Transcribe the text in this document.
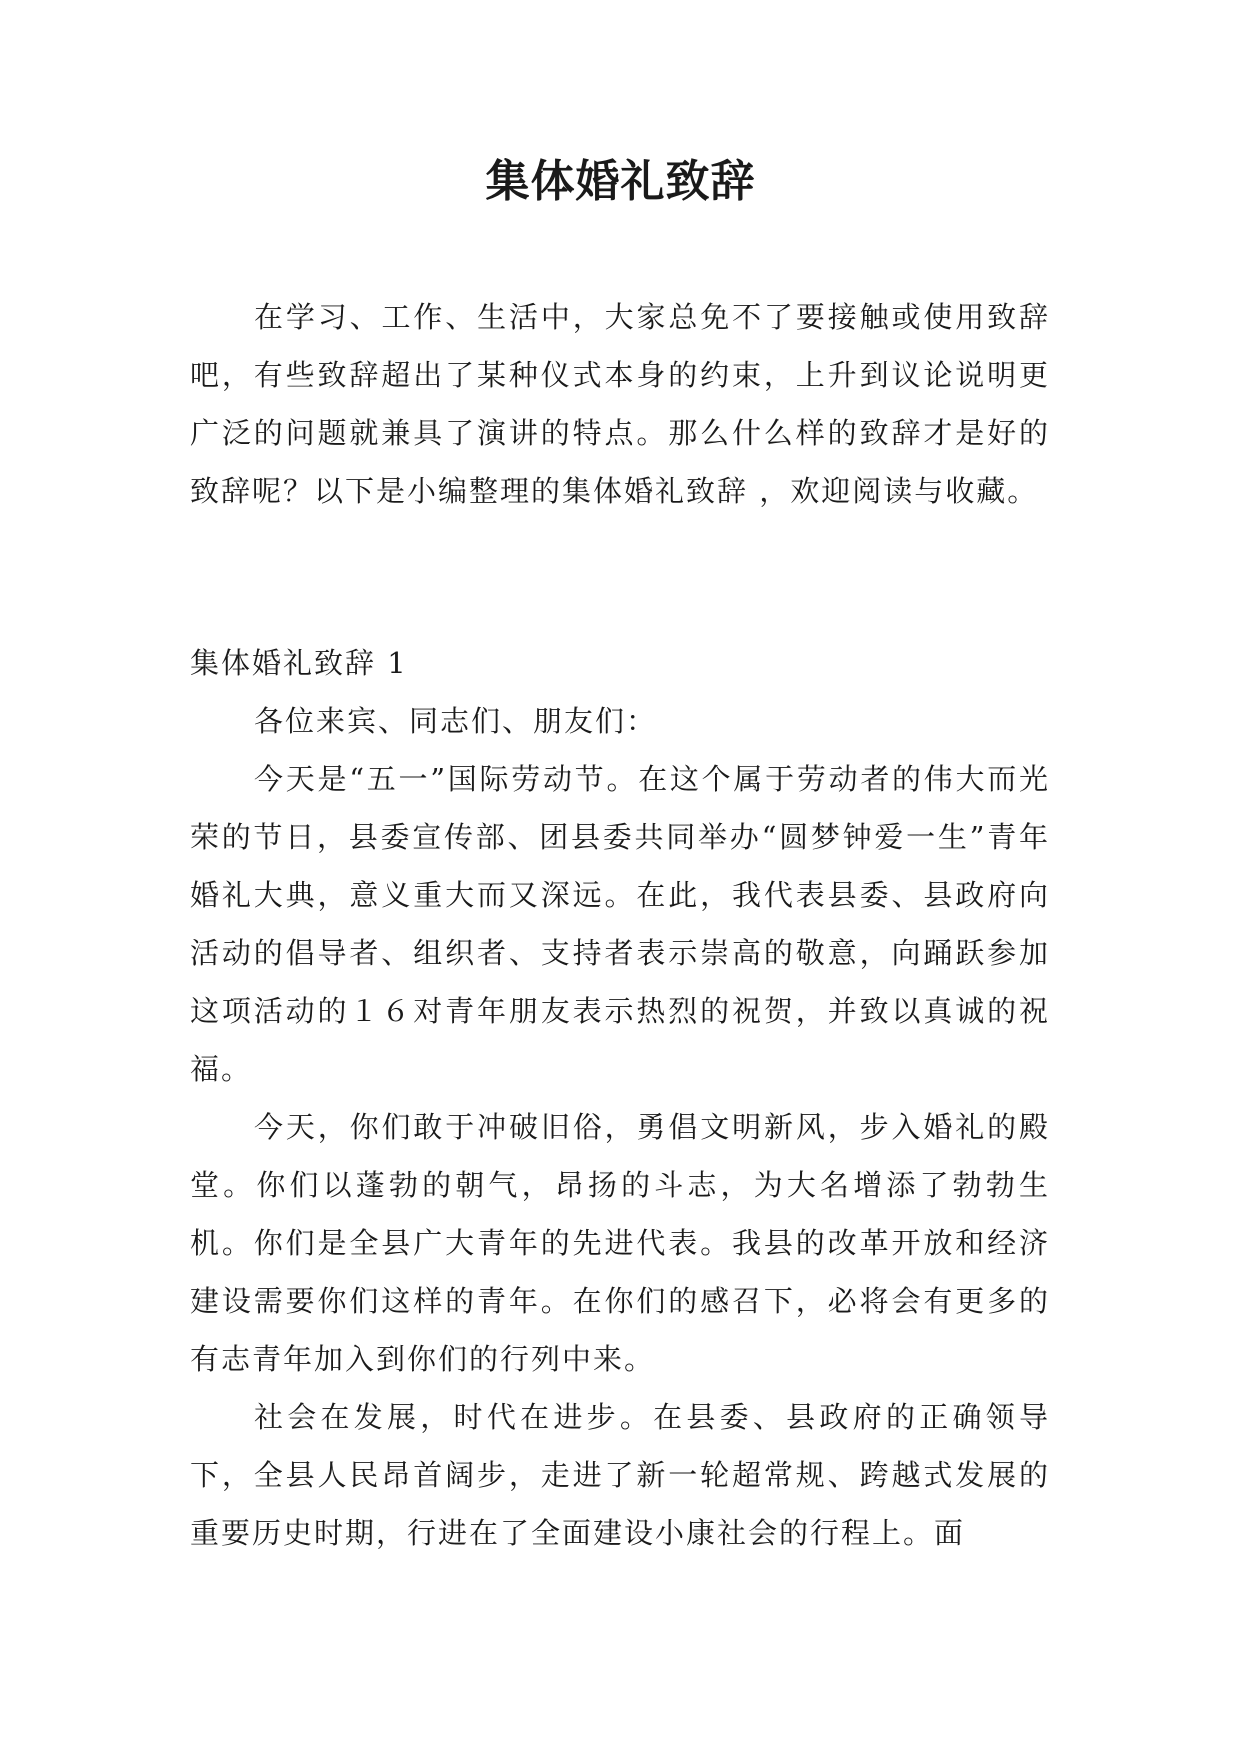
集体婚礼致辞

在学习、工作、生活中，大家总免不了要接触或使用致辞吧，有些致辞超出了某种仪式本身的约束，上升到议论说明更广泛的问题就兼具了演讲的特点。那么什么样的致辞才是好的致辞呢？以下是小编整理的集体婚礼致辞 ，欢迎阅读与收藏。

集体婚礼致辞 1

各位来宾、同志们、朋友们：

今天是“五一”国际劳动节。在这个属于劳动者的伟大而光荣的节日，县委宣传部、团县委共同举办“圆梦钟爱一生”青年婚礼大典，意义重大而又深远。在此，我代表县委、县政府向活动的倡导者、组织者、支持者表示崇高的敬意，向踊跃参加这项活动的１６对青年朋友表示热烈的祝贺，并致以真诚的祝福。

今天，你们敢于冲破旧俗，勇倡文明新风，步入婚礼的殿堂。你们以蓬勃的朝气，昂扬的斗志，为大名增添了勃勃生机。你们是全县广大青年的先进代表。我县的改革开放和经济建设需要你们这样的青年。在你们的感召下，必将会有更多的有志青年加入到你们的行列中来。

社会在发展，时代在进步。在县委、县政府的正确领导下，全县人民昂首阔步，走进了新一轮超常规、跨越式发展的重要历史时期，行进在了全面建设小康社会的行程上。面
